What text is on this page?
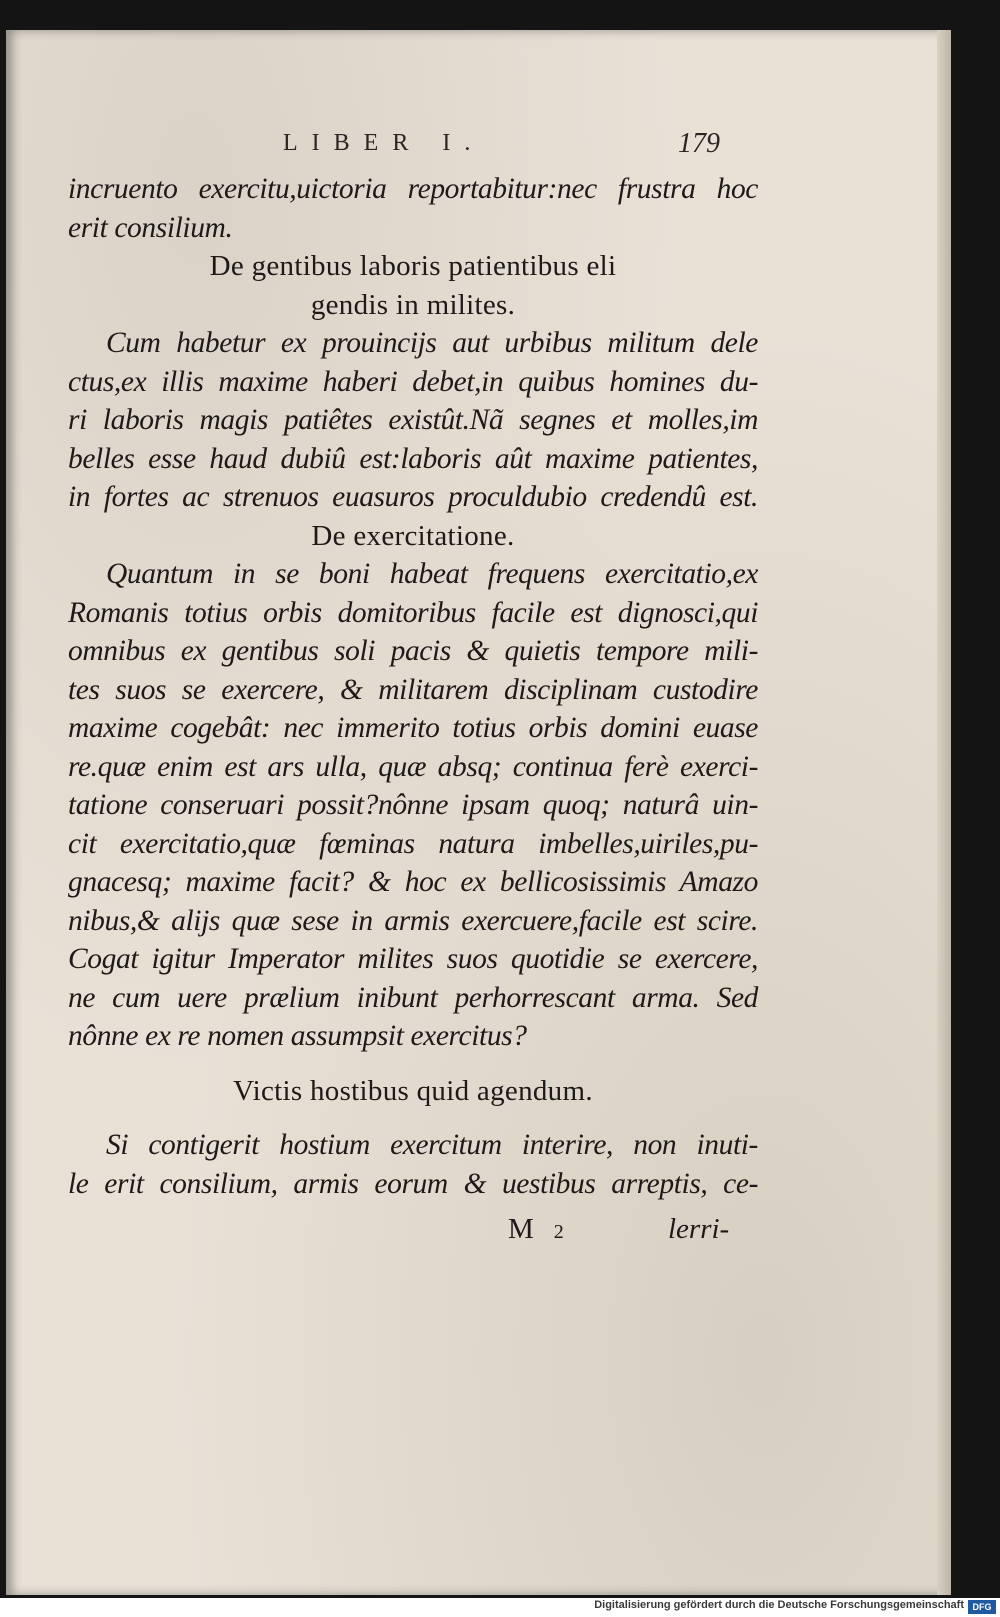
LIBER I.	179
incruento exercitu,uictoria reportabitur:nec frustra hoc
erit consilium.
De gentibus laboris patientibus eli
gendis in milites.
Cum habetur ex prouincijs aut urbibus militum dele
ctus,ex illis maxime haberi debet,in quibus homines du-
ri laboris magis patiêtes existût.Nã segnes et molles,im
belles esse haud dubiû est:laboris aût maxime patientes,
in fortes ac strenuos euasuros proculdubio credendû est.
De exercitatione.
Quantum in se boni habeat frequens exercitatio,ex
Romanis totius orbis domitoribus facile est dignosci,qui
omnibus ex gentibus soli pacis & quietis tempore mili-
tes suos se exercere, & militarem disciplinam custodire
maxime cogebât: nec immerito totius orbis domini euase
re.quæ enim est ars ulla, quæ absq; continua ferè exerci-
tatione conseruari possit?nônne ipsam quoq; naturâ uin-
cit exercitatio,quæ fœminas natura imbelles,uiriles,pu-
gnacesq; maxime facit? & hoc ex bellicosissimis Amazo
nibus,& alijs quæ sese in armis exercuere,facile est scire.
Cogat igitur Imperator milites suos quotidie se exercere,
ne cum uere prælium inibunt perhorrescant arma. Sed
nônne ex re nomen assumpsit exercitus?
Victis hostibus quid agendum.
Si contigerit hostium exercitum interire, non inuti-
le erit consilium, armis eorum & uestibus arreptis, ce-
M 2	lerri-
Digitalisierung gefördert durch die Deutsche Forschungsgemeinschaft DFG
